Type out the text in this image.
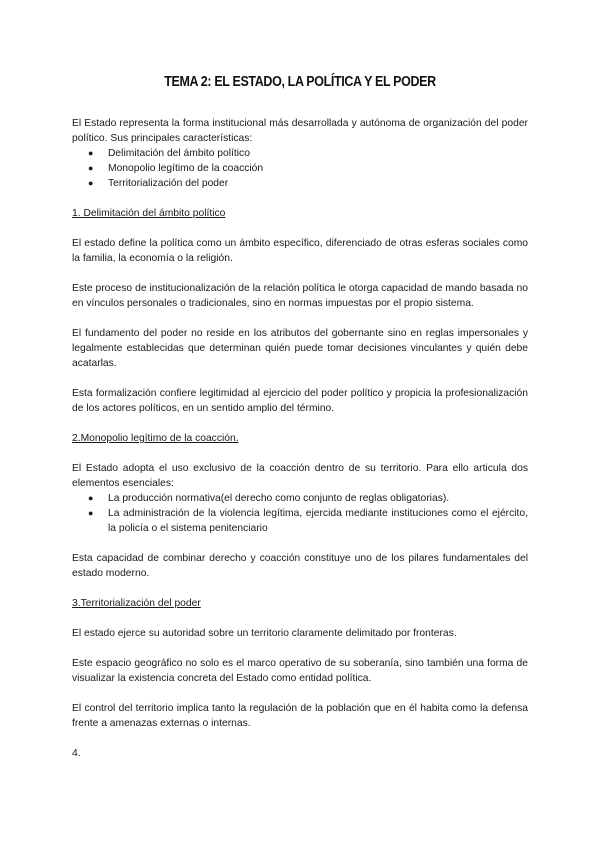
TEMA 2: EL ESTADO, LA POLÍTICA Y EL PODER

El Estado representa la forma institucional más desarrollada y autónoma de organización del poder político. Sus principales características:

● Delimitación del ámbito político
● Monopolio legítimo de la coacción
● Territorialización del poder

1. Delimitación del ámbito político

El estado define la política como un ámbito específico, diferenciado de otras esferas sociales como la familia, la economía o la religión.

Este proceso de institucionalización de la relación política le otorga capacidad de mando basada no en vínculos personales o tradicionales, sino en normas impuestas por el propio sistema.

El fundamento del poder no reside en los atributos del gobernante sino en reglas impersonales y legalmente establecidas que determinan quién puede tomar decisiones vinculantes y quién debe acatarlas.

Esta formalización confiere legitimidad al ejercicio del poder político y propicia la profesionalización de los actores políticos, en un sentido amplio del término.

2.Monopolio legítimo de la coacción.

El Estado adopta el uso exclusivo de la coacción dentro de su territorio. Para ello articula dos elementos esenciales:

● La producción normativa(el derecho como conjunto de reglas obligatorias).
● La administración de la violencia legítima, ejercida mediante instituciones como el ejército, la policía o el sistema penitenciario

Esta capacidad de combinar derecho y coacción constituye uno de los pilares fundamentales del estado moderno.

3.Territorialización del poder

El estado ejerce su autoridad sobre un territorio claramente delimitado por fronteras.

Este espacio geográfico no solo es el marco operativo de su soberanía, sino también una forma de visualizar la existencia concreta del Estado como entidad política.

El control del territorio implica tanto la regulación de la población que en él habita como la defensa frente a amenazas externas o internas.

4.
